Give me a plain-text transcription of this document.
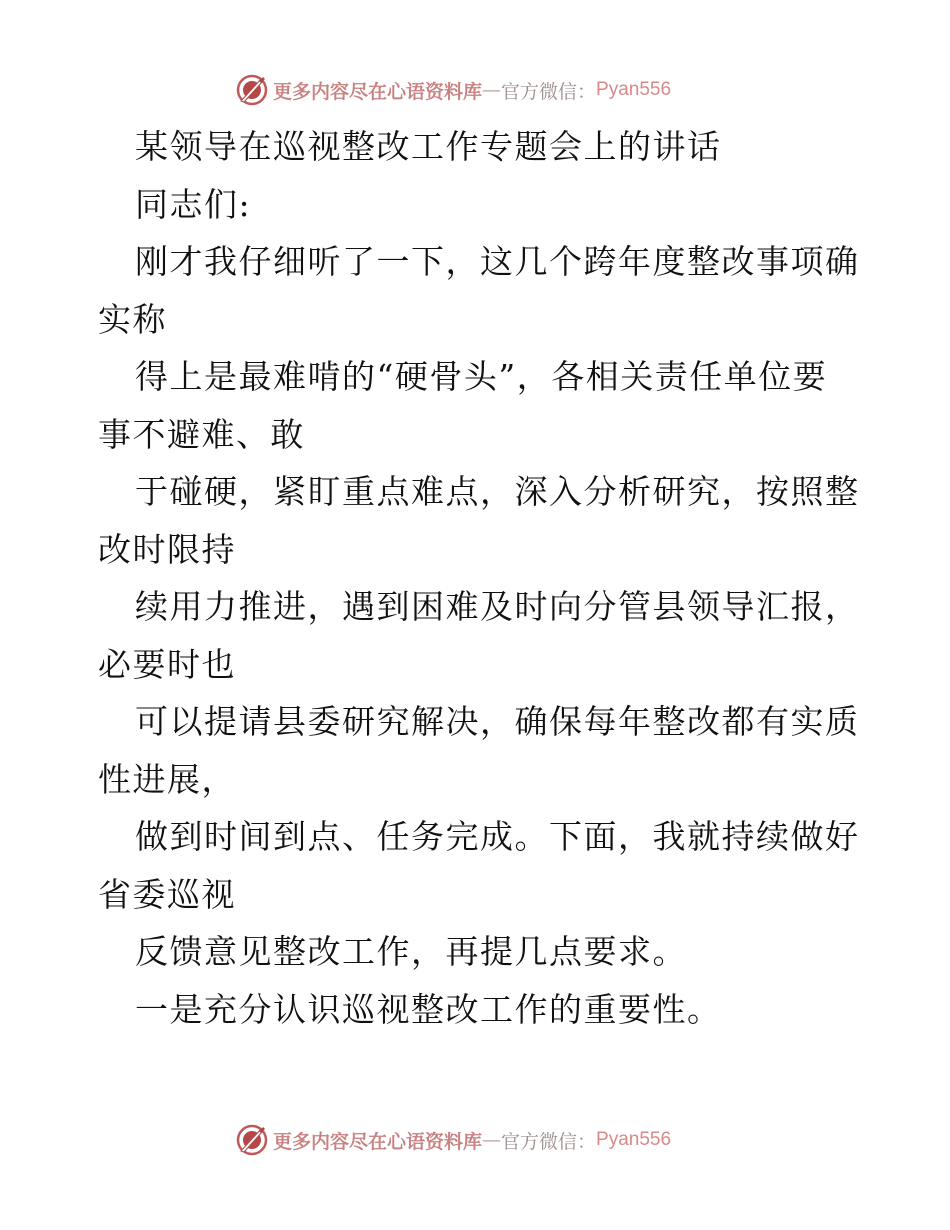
更多内容尽在心语资料库 — 官方微信： Pyan556
某领导在巡视整改工作专题会上的讲话
同志们:
刚才我仔细听了一下，这几个跨年度整改事项确
实称
得上是最难啃的“硬骨头”，各相关责任单位要
事不避难、敢
于碰硬，紧盯重点难点，深入分析研究，按照整
改时限持
续用力推进，遇到困难及时向分管县领导汇报，
必要时也
可以提请县委研究解决，确保每年整改都有实质
性进展，
做到时间到点、任务完成。下面，我就持续做好
省委巡视
反馈意见整改工作，再提几点要求。
一是充分认识巡视整改工作的重要性。
更多内容尽在心语资料库 — 官方微信： Pyan556
